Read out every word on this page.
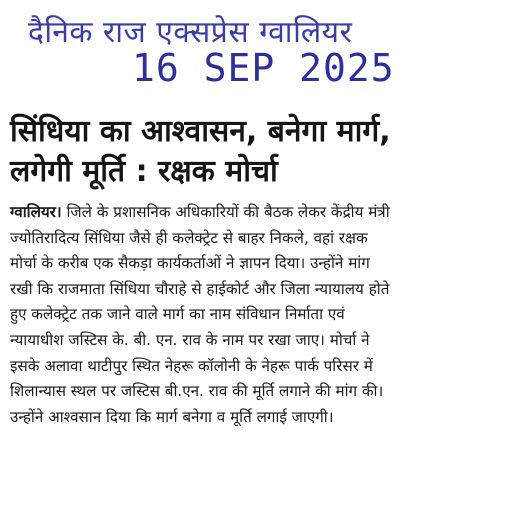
दैनिक राज एक्सप्रेस ग्वालियर
16 SEP 2025
सिंधिया का आश्वासन, बनेगा मार्ग,
लगेगी मूर्ति : रक्षक मोर्चा
ग्वालियर। जिले के प्रशासनिक अधिकारियों की बैठक लेकर केंद्रीय मंत्री
ज्योतिरादित्य सिंधिया जैसे ही कलेक्ट्रेट से बाहर निकले, वहां रक्षक
मोर्चा के करीब एक सैकड़ा कार्यकर्ताओं ने ज्ञापन दिया। उन्होंने मांग
रखी कि राजमाता सिंधिया चौराहे से हाईकोर्ट और जिला न्यायालय होते
हुए कलेक्ट्रेट तक जाने वाले मार्ग का नाम संविधान निर्माता एवं
न्यायाधीश जस्टिस के. बी. एन. राव के नाम पर रखा जाए। मोर्चा ने
इसके अलावा थाटीपुर स्थित नेहरू कॉलोनी के नेहरू पार्क परिसर में
शिलान्यास स्थल पर जस्टिस बी.एन. राव की मूर्ति लगाने की मांग की।
उन्होंने आश्वसान दिया कि मार्ग बनेगा व मूर्ति लगाई जाएगी।
